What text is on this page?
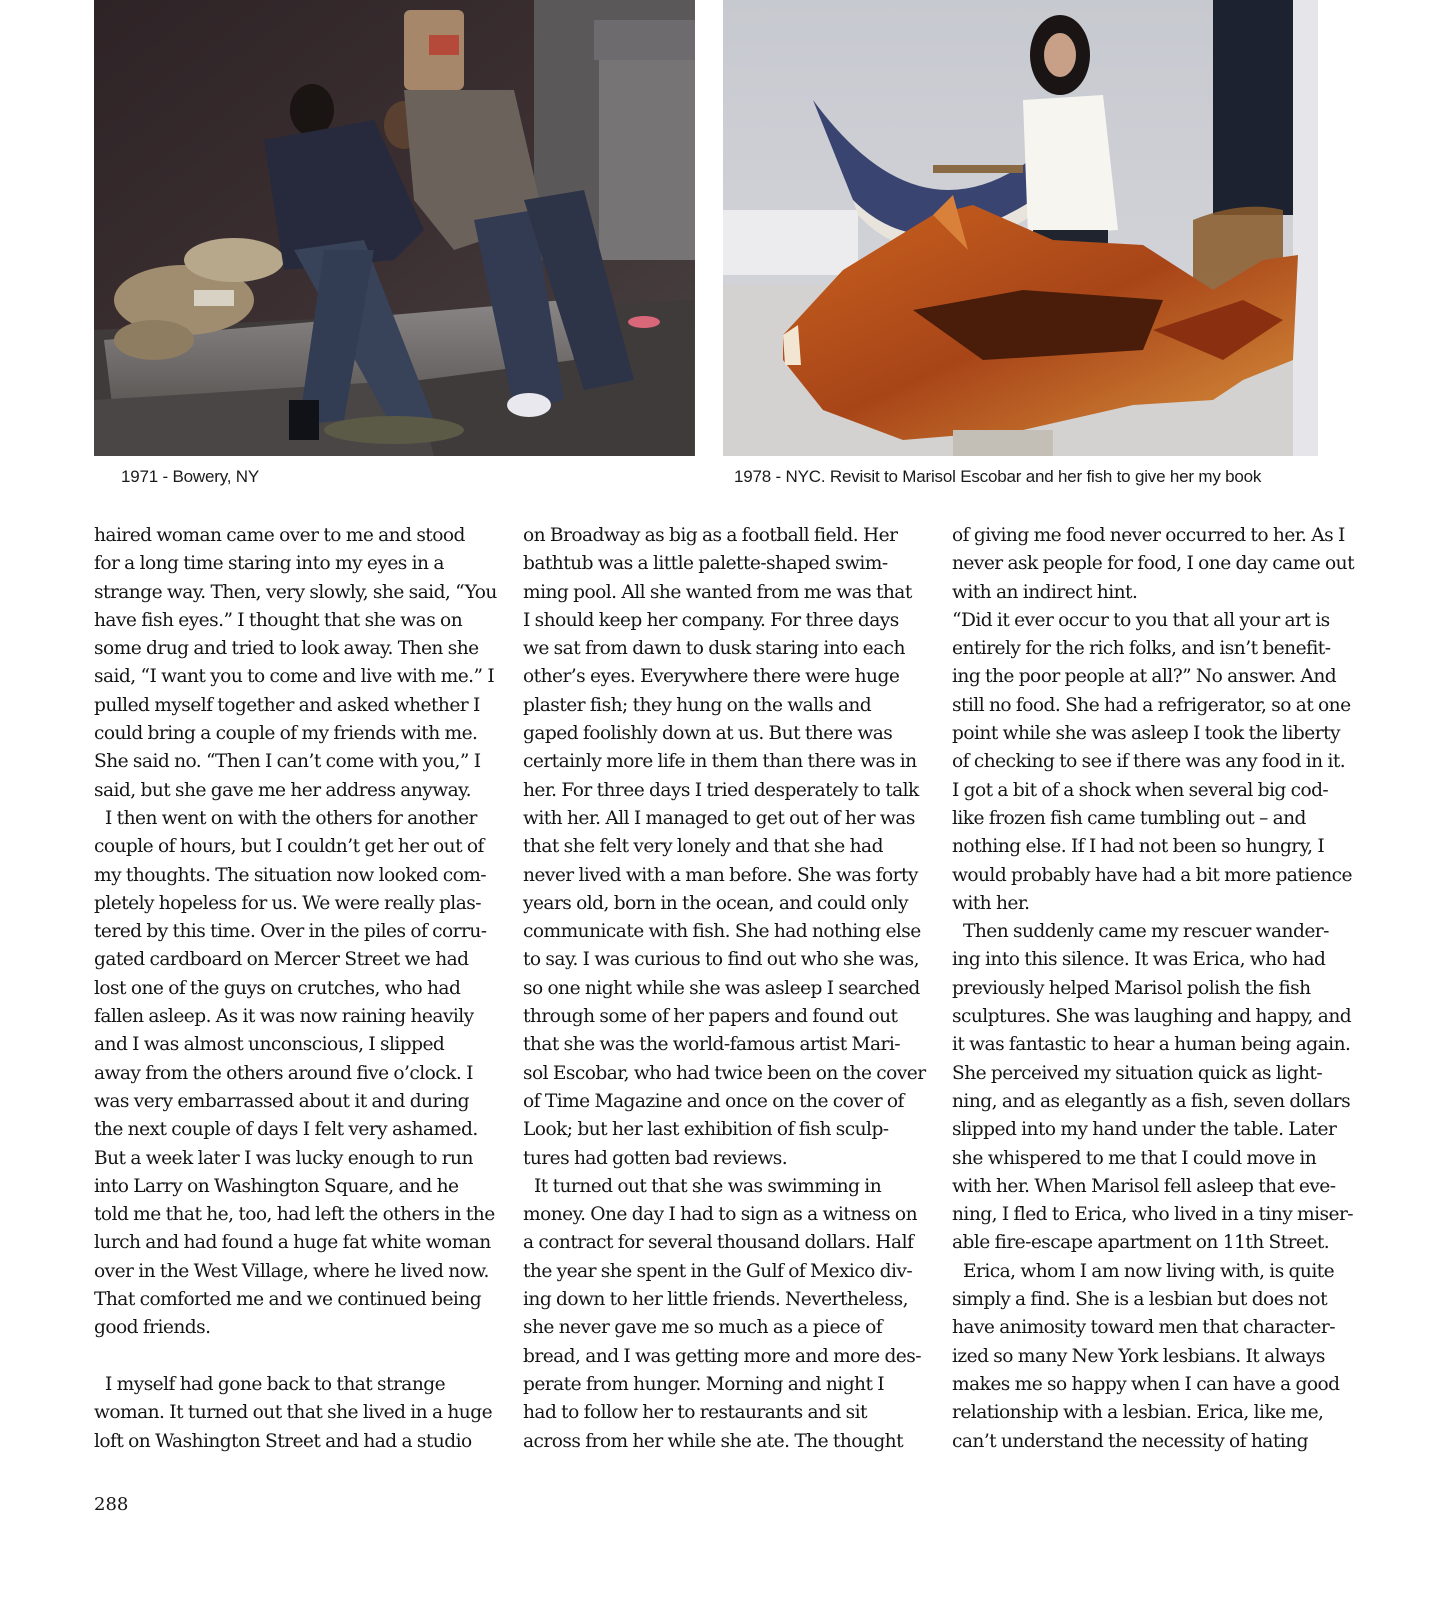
1971 - Bowery, NY	1978 - NYC. Revisit to Marisol Escobar and her fish to give her my book
haired woman came over to me and stood
for a long time staring into my eyes in a
strange way. Then, very slowly, she said, “You
have fish eyes.” I thought that she was on
some drug and tried to look away. Then she
said, “I want you to come and live with me.” I
pulled myself together and asked whether I
could bring a couple of my friends with me.
She said no. “Then I can’t come with you,” I
said, but she gave me her address anyway.
I then went on with the others for another
couple of hours, but I couldn’t get her out of
my thoughts. The situation now looked com-
pletely hopeless for us. We were really plas-
tered by this time. Over in the piles of corru-
gated cardboard on Mercer Street we had
lost one of the guys on crutches, who had
fallen asleep. As it was now raining heavily
and I was almost unconscious, I slipped
away from the others around five o’clock. I
was very embarrassed about it and during
the next couple of days I felt very ashamed.
But a week later I was lucky enough to run
into Larry on Washington Square, and he
told me that he, too, had left the others in the
lurch and had found a huge fat white woman
over in the West Village, where he lived now.
That comforted me and we continued being
good friends.
I myself had gone back to that strange
woman. It turned out that she lived in a huge
loft on Washington Street and had a studio
on Broadway as big as a football field. Her
bathtub was a little palette-shaped swim-
ming pool. All she wanted from me was that
I should keep her company. For three days
we sat from dawn to dusk staring into each
other’s eyes. Everywhere there were huge
plaster fish; they hung on the walls and
gaped foolishly down at us. But there was
certainly more life in them than there was in
her. For three days I tried desperately to talk
with her. All I managed to get out of her was
that she felt very lonely and that she had
never lived with a man before. She was forty
years old, born in the ocean, and could only
communicate with fish. She had nothing else
to say. I was curious to find out who she was,
so one night while she was asleep I searched
through some of her papers and found out
that she was the world-famous artist Mari-
sol Escobar, who had twice been on the cover
of Time Magazine and once on the cover of
Look; but her last exhibition of fish sculp-
tures had gotten bad reviews.
It turned out that she was swimming in
money. One day I had to sign as a witness on
a contract for several thousand dollars. Half
the year she spent in the Gulf of Mexico div-
ing down to her little friends. Nevertheless,
she never gave me so much as a piece of
bread, and I was getting more and more des-
perate from hunger. Morning and night I
had to follow her to restaurants and sit
across from her while she ate. The thought
of giving me food never occurred to her. As I
never ask people for food, I one day came out
with an indirect hint.
“Did it ever occur to you that all your art is
entirely for the rich folks, and isn’t benefit-
ing the poor people at all?” No answer. And
still no food. She had a refrigerator, so at one
point while she was asleep I took the liberty
of checking to see if there was any food in it.
I got a bit of a shock when several big cod-
like frozen fish came tumbling out – and
nothing else. If I had not been so hungry, I
would probably have had a bit more patience
with her.
Then suddenly came my rescuer wander-
ing into this silence. It was Erica, who had
previously helped Marisol polish the fish
sculptures. She was laughing and happy, and
it was fantastic to hear a human being again.
She perceived my situation quick as light-
ning, and as elegantly as a fish, seven dollars
slipped into my hand under the table. Later
she whispered to me that I could move in
with her. When Marisol fell asleep that eve-
ning, I fled to Erica, who lived in a tiny miser-
able fire-escape apartment on 11th Street.
Erica, whom I am now living with, is quite
simply a find. She is a lesbian but does not
have animosity toward men that character-
ized so many New York lesbians. It always
makes me so happy when I can have a good
relationship with a lesbian. Erica, like me,
can’t understand the necessity of hating
288
